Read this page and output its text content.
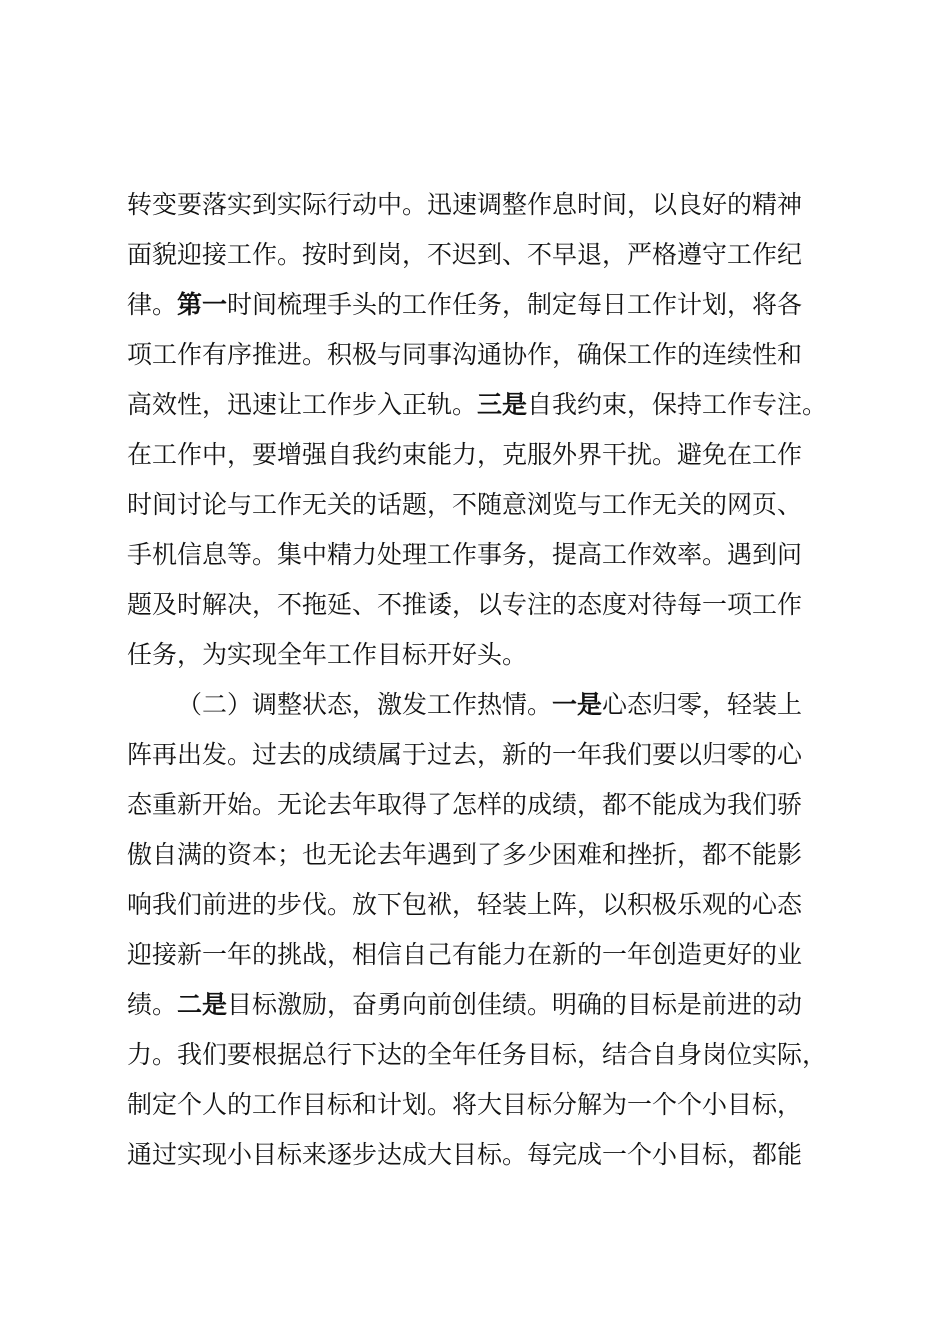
转变要落实到实际行动中。迅速调整作息时间，以良好的精神
面貌迎接工作。按时到岗，不迟到、不早退，严格遵守工作纪
律。第一时间梳理手头的工作任务，制定每日工作计划，将各
项工作有序推进。积极与同事沟通协作，确保工作的连续性和
高效性，迅速让工作步入正轨。三是自我约束，保持工作专注。
在工作中，要增强自我约束能力，克服外界干扰。避免在工作
时间讨论与工作无关的话题，不随意浏览与工作无关的网页、
手机信息等。集中精力处理工作事务，提高工作效率。遇到问
题及时解决，不拖延、不推诿，以专注的态度对待每一项工作
任务，为实现全年工作目标开好头。
（二）调整状态，激发工作热情。一是心态归零，轻装上
阵再出发。过去的成绩属于过去，新的一年我们要以归零的心
态重新开始。无论去年取得了怎样的成绩，都不能成为我们骄
傲自满的资本；也无论去年遇到了多少困难和挫折，都不能影
响我们前进的步伐。放下包袱，轻装上阵，以积极乐观的心态
迎接新一年的挑战，相信自己有能力在新的一年创造更好的业
绩。二是目标激励，奋勇向前创佳绩。明确的目标是前进的动
力。我们要根据总行下达的全年任务目标，结合自身岗位实际，
制定个人的工作目标和计划。将大目标分解为一个个小目标，
通过实现小目标来逐步达成大目标。每完成一个小目标，都能
